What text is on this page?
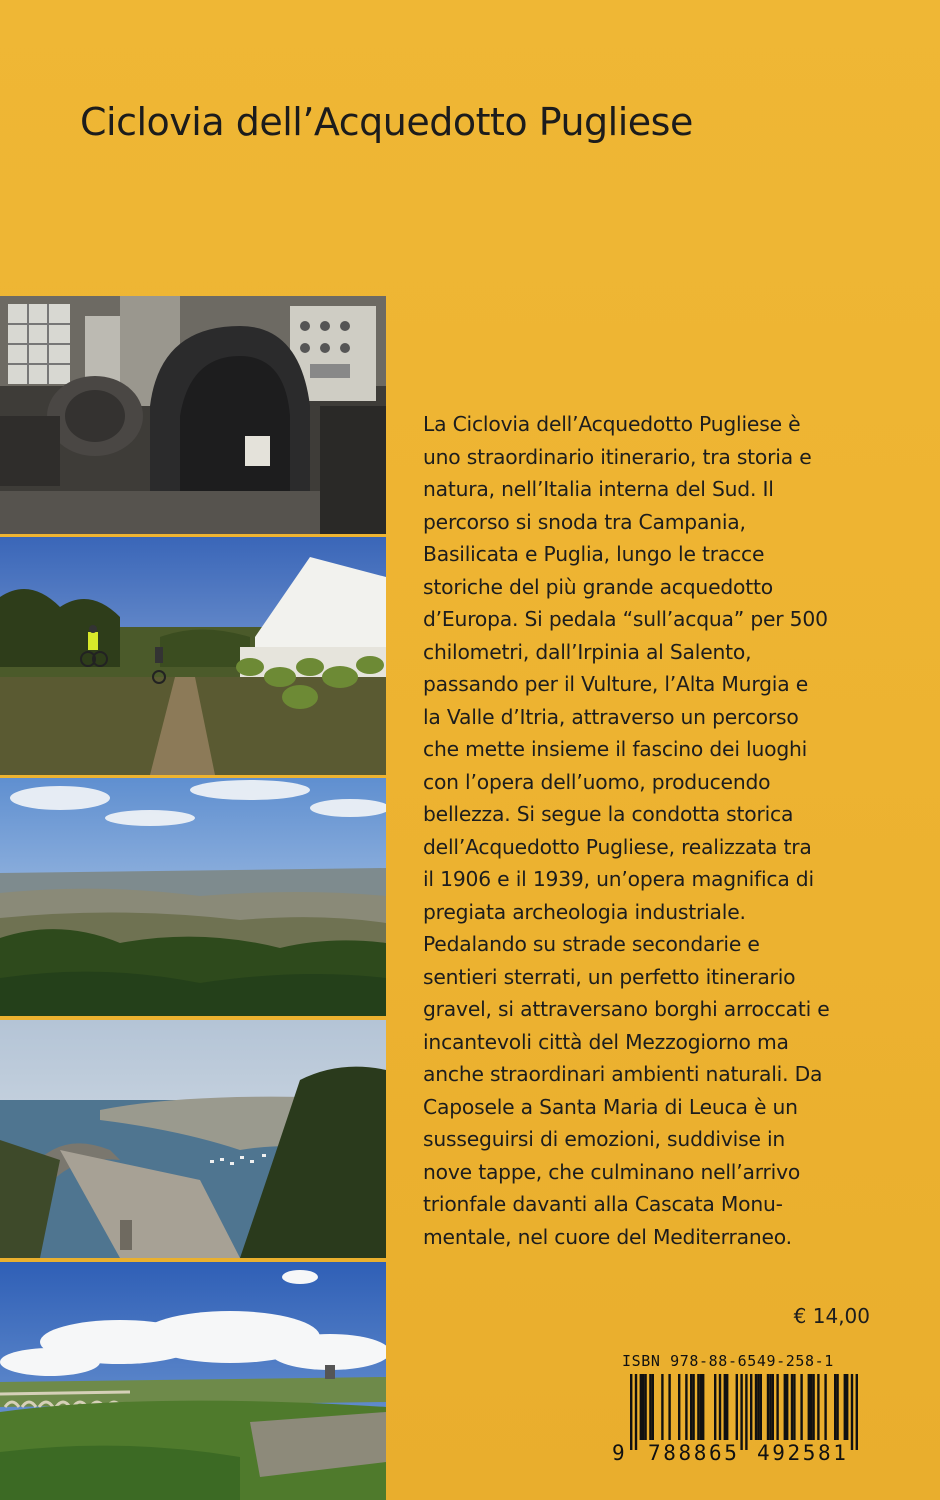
Ciclovia dell’Acquedotto Pugliese
La Ciclovia dell’Acquedotto Pugliese è
uno straordinario itinerario, tra storia e
natura, nell’Italia interna del Sud. Il
percorso si snoda tra Campania,
Basilicata e Puglia, lungo le tracce
storiche del più grande acquedotto
d’Europa. Si pedala “sull’acqua” per 500
chilometri, dall’Irpinia al Salento,
passando per il Vulture, l’Alta Murgia e
la Valle d’Itria, attraverso un percorso
che mette insieme il fascino dei luoghi
con l’opera dell’uomo, producendo
bellezza. Si segue la condotta storica
dell’Acquedotto Pugliese, realizzata tra
il 1906 e il 1939, un’opera magnifica di
pregiata archeologia industriale.
Pedalando su strade secondarie e
sentieri sterrati, un perfetto itinerario
gravel, si attraversano borghi arroccati e
incantevoli città del Mezzogiorno ma
anche straordinari ambienti naturali. Da
Caposele a Santa Maria di Leuca è un
susseguirsi di emozioni, suddivise in
nove tappe, che culminano nell’arrivo
trionfale davanti alla Cascata Monu-
mentale, nel cuore del Mediterraneo.
€ 14,00
ISBN 978-88-6549-258-1
9 788865 492581
